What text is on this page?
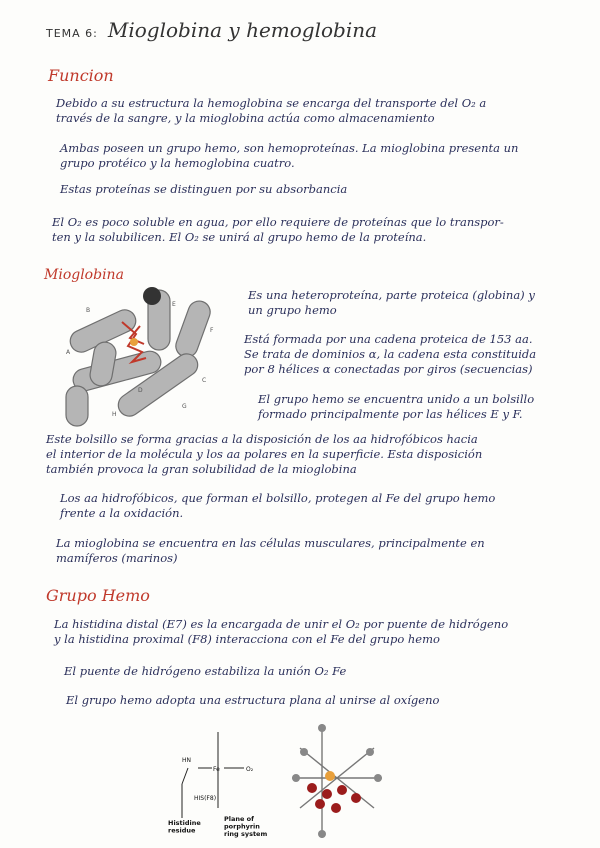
TEMA 6: Mioglobina y hemoglobina
Funcion
Debido a su estructura la hemoglobina se encarga del transporte del O₂ a
través de la sangre, y la mioglobina actúa como almacenamiento
Ambas poseen un grupo hemo, son hemoproteínas. La mioglobina presenta un
grupo protéico y la hemoglobina cuatro.
Estas proteínas se distinguen por su absorbancia
El O₂ es poco soluble en agua, por ello requiere de proteínas que lo transpor-
ten y la solubilicen. El O₂ se unirá al grupo hemo de la proteína.
Mioglobina
B
E
F
A
H
G
C
D
Es una heteroproteína, parte proteica (globina) y
un grupo hemo
Está formada por una cadena proteica de 153 aa.
Se trata de dominios α, la cadena esta constituida
por 8 hélices α conectadas por giros (secuencias)
El grupo hemo se encuentra unido a un bolsillo
formado principalmente por las hélices E y F.
Este bolsillo se forma gracias a la disposición de los aa hidrofóbicos hacia
el interior de la molécula y los aa polares en la superficie. Esta disposición
también provoca la gran solubilidad de la mioglobina
Los aa hidrofóbicos, que forman el bolsillo, protegen al Fe del grupo hemo
frente a la oxidación.
La mioglobina se encuentra en las células musculares, principalmente en
mamíferos (marinos)
Grupo Hemo
La histidina distal (E7) es la encargada de unir el O₂ por puente de hidrógeno
y la histidina proximal (F8) interacciona con el Fe del grupo hemo
El puente de hidrógeno estabiliza la unión O₂ Fe
El grupo hemo adopta una estructura plana al unirse al oxígeno
HN
Fe	O₂
HIS(F8)
Histidine residue
Plane of porphyrin ring system
